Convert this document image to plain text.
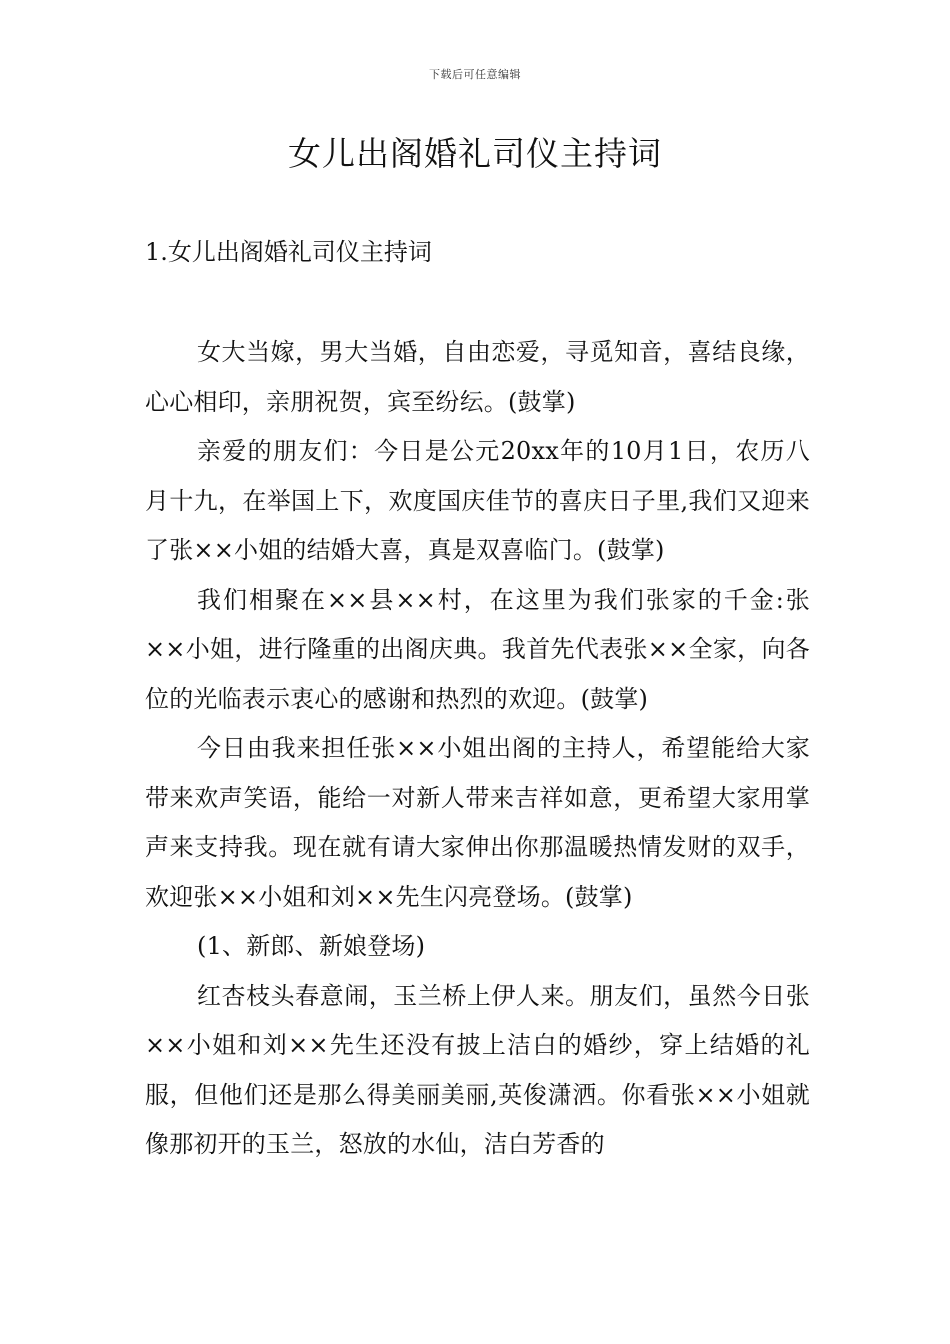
下载后可任意编辑
女儿出阁婚礼司仪主持词
1.女儿出阁婚礼司仪主持词

女大当嫁，男大当婚，自由恋爱，寻觅知音，喜结良缘，心心相印，亲朋祝贺，宾至纷纭。(鼓掌)

亲爱的朋友们：今日是公元20xx年的10月1日，农历八月十九，在举国上下，欢度国庆佳节的喜庆日子里,我们又迎来了张××小姐的结婚大喜，真是双喜临门。(鼓掌)

我们相聚在××县××村，在这里为我们张家的千金:张××小姐，进行隆重的出阁庆典。我首先代表张××全家，向各位的光临表示衷心的感谢和热烈的欢迎。(鼓掌)

今日由我来担任张××小姐出阁的主持人，希望能给大家带来欢声笑语，能给一对新人带来吉祥如意，更希望大家用掌声来支持我。现在就有请大家伸出你那温暖热情发财的双手，欢迎张××小姐和刘××先生闪亮登场。(鼓掌)

(1、新郎、新娘登场)

红杏枝头春意闹，玉兰桥上伊人来。朋友们，虽然今日张××小姐和刘××先生还没有披上洁白的婚纱，穿上结婚的礼服，但他们还是那么得美丽美丽,英俊潇洒。你看张××小姐就像那初开的玉兰，怒放的水仙，洁白芳香的
